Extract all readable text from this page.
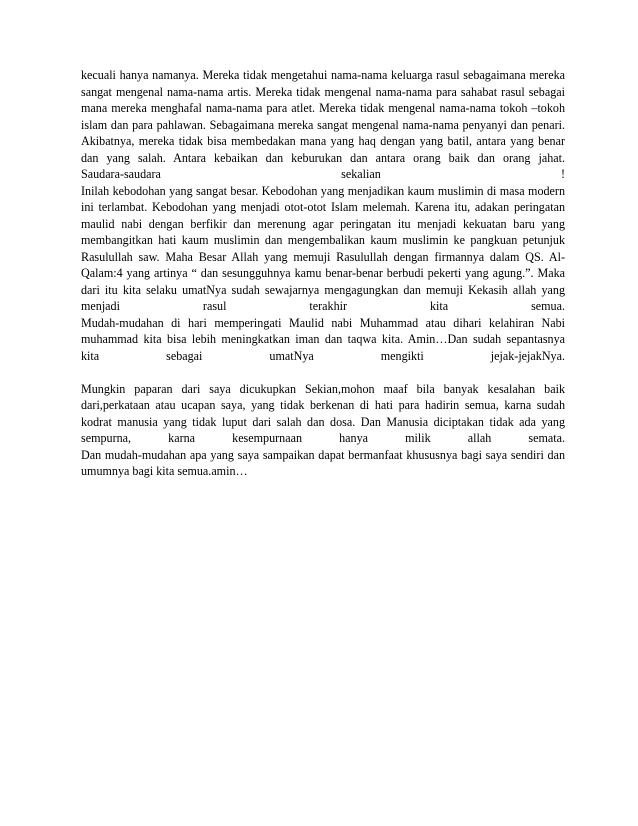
kecuali hanya namanya. Mereka tidak mengetahui nama-nama keluarga rasul sebagaimana mereka
sangat mengenal nama-nama artis. Mereka tidak mengenal nama-nama para sahabat rasul sebagai
mana mereka menghafal nama-nama para atlet. Mereka tidak mengenal nama-nama tokoh –tokoh
islam dan para pahlawan. Sebagaimana mereka sangat mengenal nama-nama penyanyi dan penari.
Akibatnya, mereka tidak bisa membedakan mana yang haq dengan yang batil, antara yang benar
dan yang salah. Antara kebaikan dan keburukan dan antara orang baik dan orang jahat.
Saudara-saudara sekalian !
Inilah kebodohan yang sangat besar. Kebodohan yang menjadikan kaum muslimin di masa modern
ini terlambat. Kebodohan yang menjadi otot-otot Islam melemah. Karena itu, adakan peringatan
maulid nabi dengan berfikir dan merenung agar peringatan itu menjadi kekuatan baru yang
membangitkan hati kaum muslimin dan mengembalikan kaum muslimin ke pangkuan petunjuk
Rasulullah saw. Maha Besar Allah yang memuji Rasulullah dengan firmannya dalam QS. Al-
Qalam:4 yang artinya “ dan sesungguhnya kamu benar-benar berbudi pekerti yang agung.”. Maka
dari itu kita selaku umatNya sudah sewajarnya mengagungkan dan memuji Kekasih allah yang
menjadi rasul terakhir kita semua.
Mudah-mudahan di hari memperingati Maulid nabi Muhammad atau dihari kelahiran Nabi
muhammad kita bisa lebih meningkatkan iman dan taqwa kita. Amin…Dan sudah sepantasnya
kita sebagai umatNya mengikti jejak-jejakNya.
Mungkin paparan dari saya dicukupkan Sekian,mohon maaf bila banyak kesalahan baik
dari,perkataan atau ucapan saya, yang tidak berkenan di hati para hadirin semua, karna sudah
kodrat manusia yang tidak luput dari salah dan dosa. Dan Manusia diciptakan tidak ada yang
sempurna, karna kesempurnaan hanya milik allah semata.
Dan mudah-mudahan apa yang saya sampaikan dapat bermanfaat khususnya bagi saya sendiri dan
umumnya bagi kita semua.amin…
